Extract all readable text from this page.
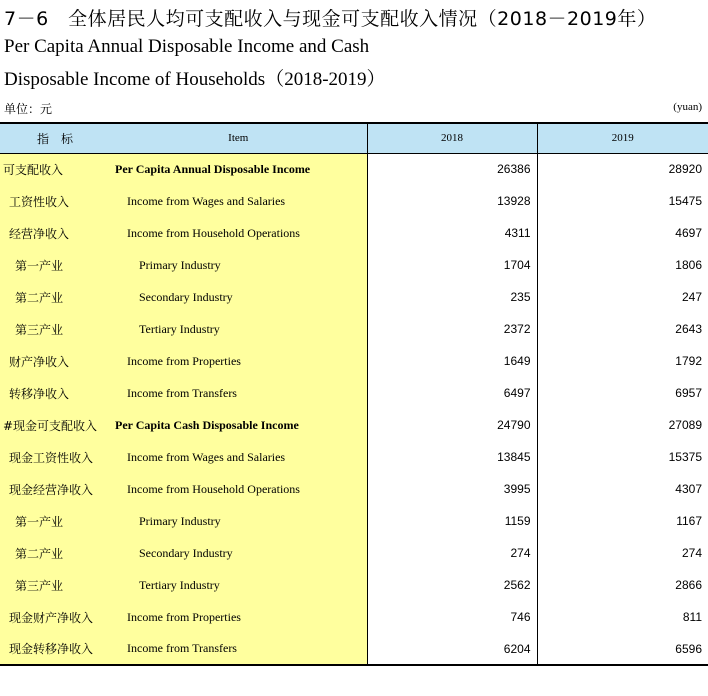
7－6　全体居民人均可支配收入与现金可支配收入情况（2018－2019年）
Per Capita Annual Disposable Income and Cash
Disposable Income of Households（2018-2019）
单位：元	(yuan)
指　标	Item	2018	2019
可支配收入	Per Capita Annual Disposable Income	26386	28920
工资性收入	Income from Wages and Salaries	13928	15475
经营净收入	Income from Household Operations	4311	4697
第一产业	Primary Industry	1704	1806
第二产业	Secondary Industry	235	247
第三产业	Tertiary Industry	2372	2643
财产净收入	Income from Properties	1649	1792
转移净收入	Income from Transfers	6497	6957
#现金可支配收入	Per Capita Cash Disposable Income	24790	27089
现金工资性收入	Income from Wages and Salaries	13845	15375
现金经营净收入	Income from Household Operations	3995	4307
第一产业	Primary Industry	1159	1167
第二产业	Secondary Industry	274	274
第三产业	Tertiary Industry	2562	2866
现金财产净收入	Income from Properties	746	811
现金转移净收入	Income from Transfers	6204	6596
